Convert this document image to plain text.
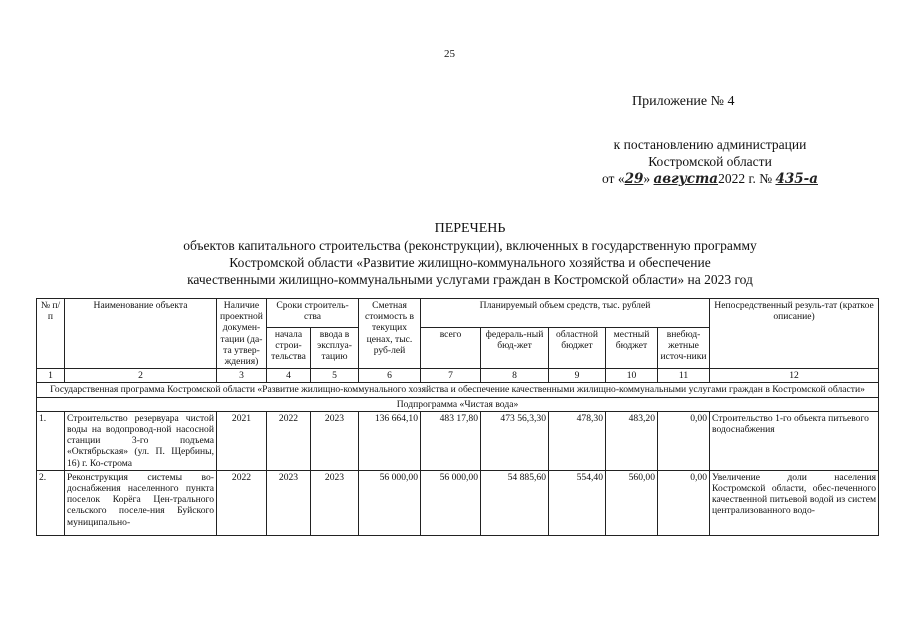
25
Приложение № 4
к постановлению администрации
Костромской области
от «29» августа2022 г. № 435-а
ПЕРЕЧЕНЬ
объектов капитального строительства (реконструкции), включенных в государственную программу
Костромской области «Развитие жилищно-коммунального хозяйства и обеспечение
качественными жилищно-коммунальными услугами граждан в Костромской области» на 2023 год
№ п/п	Наименование объекта	Наличие проектной докумен-тации (да-та утвер-ждения)	Сроки строитель-ства		Сметная стоимость в текущих ценах, тыс. руб-лей	Планируемый объем средств, тыс. рублей					Непосредственный резуль-тат (краткое описание)
			начала строи-тельства	ввода в эксплуа-тацию		всего	федераль-ный бюд-жет	областной бюджет	местный бюджет	внебюд-жетные источ-ники	
1	2	3	4	5	6	7	8	9	10	11	12
Государственная программа Костромской области «Развитие жилищно-коммунального хозяйства и обеспечение качественными жилищно-коммунальными услугами граждан в Костромской области»											
Подпрограмма «Чистая вода»											
1.	Строительство резервуара чистой воды на водопровод-ной насосной станции 3-го подъема «Октябрьская» (ул. П. Щербины, 16) г. Ко-строма	2021	2022	2023	136 664,10	483 17,80	473 56,3,30	478,30	483,20	0,00	Строительство 1-го объекта питьевого водоснабжения
2.	Реконструкция системы во-доснабжения населенного пункта поселок Корёга Цен-трального сельского поселе-ния Буйского муниципально-	2022	2023	2023	56 000,00	56 000,00	54 885,60	554,40	560,00	0,00	Увеличение доли населения Костромской области, обес-печенного качественной питьевой водой из систем централизованного водо-
